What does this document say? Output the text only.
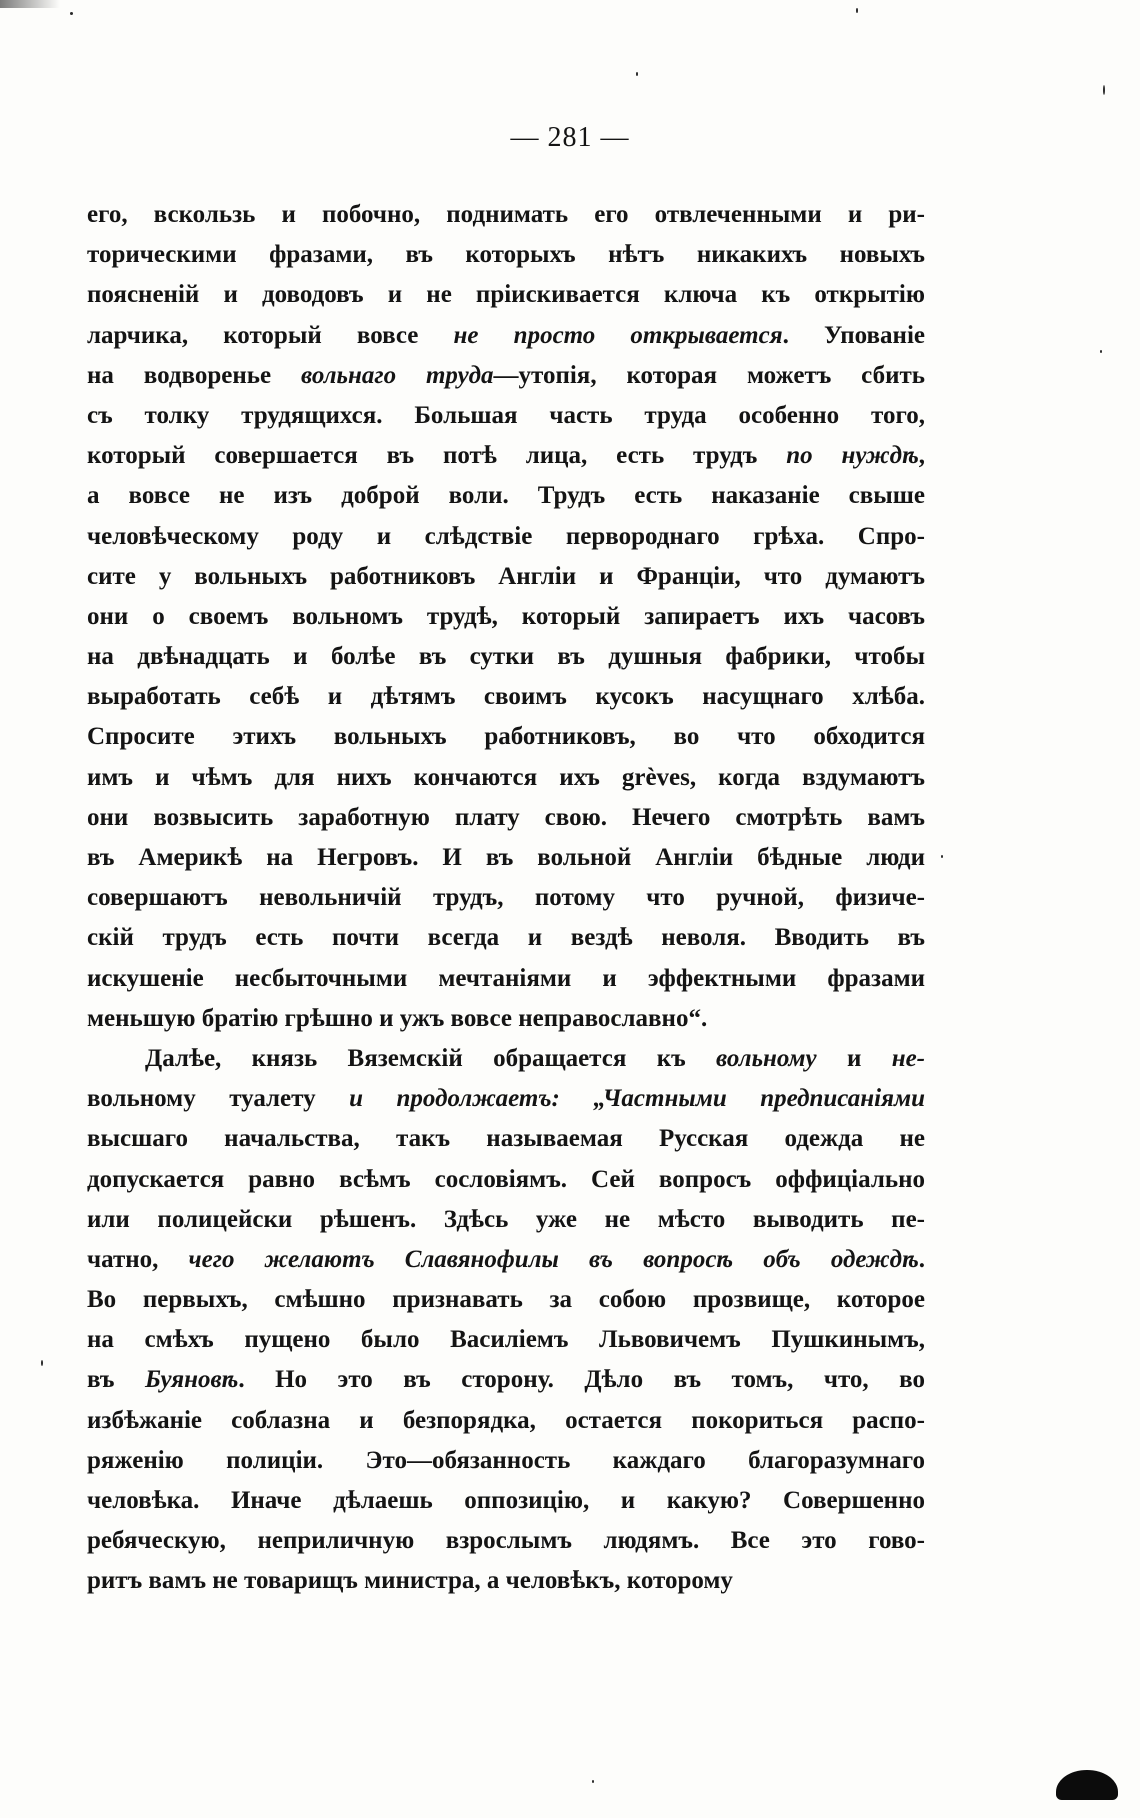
— 281 —
его, вскользь и побочно, поднимать его отвлеченными и ри-
торическими фразами, въ которыхъ нѣтъ никакихъ новыхъ
поясненій и доводовъ и не пріискивается ключа къ открытію
ларчика, который вовсе не просто открывается. Упованіе
на водворенье вольнаго труда—утопія, которая можетъ сбить
съ толку трудящихся. Большая часть труда особенно того,
который совершается въ потѣ лица, есть трудъ по нуждѣ,
а вовсе не изъ доброй воли. Трудъ есть наказаніе свыше
человѣческому роду и слѣдствіе первороднаго грѣха. Спро-
сите у вольныхъ работниковъ Англіи и Франціи, что думаютъ
они о своемъ вольномъ трудѣ, который запираетъ ихъ часовъ
на двѣнадцать и болѣе въ сутки въ душныя фабрики, чтобы
выработать себѣ и дѣтямъ своимъ кусокъ насущнаго хлѣба.
Спросите этихъ вольныхъ работниковъ, во что обходится
имъ и чѣмъ для нихъ кончаются ихъ grèves, когда вздумаютъ
они возвысить заработную плату свою. Нечего смотрѣть вамъ
въ Америкѣ на Негровъ. И въ вольной Англіи бѣдные люди
совершаютъ невольничій трудъ, потому что ручной, физиче-
скій трудъ есть почти всегда и вездѣ неволя. Вводить въ
искушеніе несбыточными мечтаніями и эффектными фразами
меньшую братію грѣшно и ужъ вовсе неправославно“.
Далѣе, князь Вяземскій обращается къ вольному и не-
вольному туалету и продолжаетъ: „Частными предписаніями
высшаго начальства, такъ называемая Русская одежда не
допускается равно всѣмъ сословіямъ. Сей вопросъ оффиціально
или полицейски рѣшенъ. Здѣсь уже не мѣсто выводить пе-
чатно, чего желаютъ Славянофилы въ вопросѣ объ одеждѣ.
Во первыхъ, смѣшно признавать за собою прозвище, которое
на смѣхъ пущено было Василіемъ Львовичемъ Пушкинымъ,
въ Буяновѣ. Но это въ сторону. Дѣло въ томъ, что, во
избѣжаніе соблазна и безпорядка, остается покориться распо-
ряженію полиціи. Это—обязанность каждаго благоразумнаго
человѣка. Иначе дѣлаешь оппозицію, и какую? Совершенно
ребяческую, неприличную взрослымъ людямъ. Все это гово-
ритъ вамъ не товарищъ министра, а человѣкъ, которому
